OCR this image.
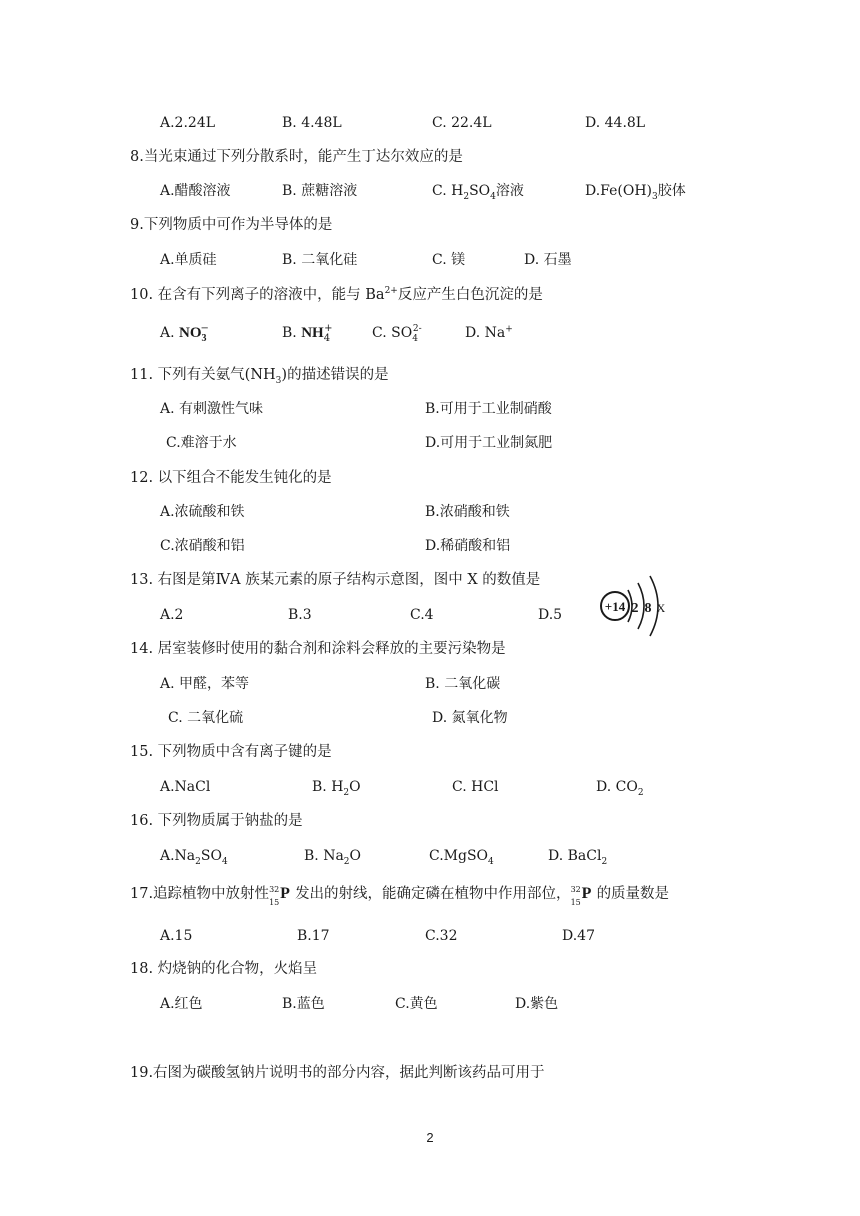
A.2.24L	B. 4.48L	C. 22.4L	D. 44.8L
8.当光束通过下列分散系时，能产生丁达尔效应的是
A.醋酸溶液	B. 蔗糖溶液	C. $H_2SO_4$溶液	$D.Fe(OH)_3$胶体
9.下列物质中可作为半导体的是
A.单质硅	B. 二氧化硅	C. 镁	D. 石墨
10. 在含有下列离子的溶液中，能与 $Ba^{2+}$反应产生白色沉淀的是
A. $NO_3^-$	B. $NH_4^+$	C. $SO_4^{2-}$	D. Na+
11. 下列有关氨气$(NH_3)$的描述错误的是
A. 有刺激性气味	B.可用于工业制硝酸
C.难溶于水	D.可用于工业制氮肥
12. 以下组合不能发生钝化的是
A.浓硫酸和铁	B.浓硝酸和铁
C.浓硝酸和铝	D.稀硝酸和铝
13. 右图是第ⅣA 族某元素的原子结构示意图，图中 X 的数值是
A.2	B.3	C.4	D.5
+14 2 8 X
14. 居室装修时使用的黏合剂和涂料会释放的主要污染物是
A. 甲醛，苯等	B. 二氧化碳
C. 二氧化硫	D. 氮氧化物
15. 下列物质中含有离子键的是
A.NaCl	B. $H_2O$	C. HCl	D. $CO_2$
16. 下列物质属于钠盐的是
$A.Na_2SO_4$	B. $Na_2O$	C.MgSO$_4$	D. BaCl$_2$
17.追踪植物中放射性 32
15
P 发出的射线，能确定磷在植物中作用部位， 32
15
P 的质量数是
A.15	B.17	C.32	D.47
18. 灼烧钠的化合物，火焰呈
A.红色	B.蓝色	C.黄色	D.紫色
19.右图为碳酸氢钠片说明书的部分内容，据此判断该药品可用于
2
